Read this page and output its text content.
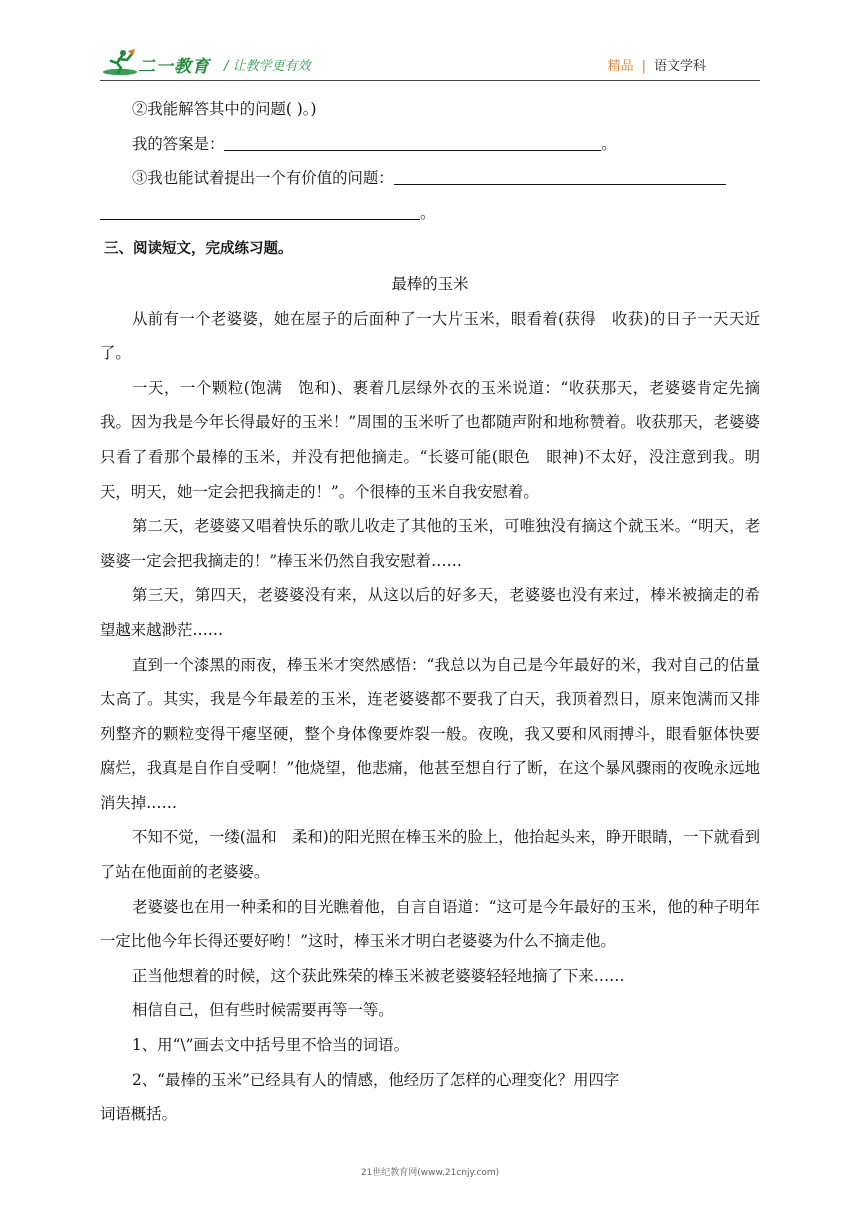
二一教育 / 让教学更有效	精品 | 语文学科
②我能解答其中的问题( )。)
我的答案是：	。
③我也能试着提出一个有价值的问题：
。
三、阅读短文，完成练习题。
最棒的玉米

从前有一个老婆婆，她在屋子的后面种了一大片玉米，眼看着(获得　收获)的日子一天天近了。

一天，一个颗粒(饱满　饱和)、裹着几层绿外衣的玉米说道：“收获那天，老婆婆肯定先摘我。因为我是今年长得最好的玉米！”周围的玉米听了也都随声附和地称赞着。收获那天，老婆婆只看了看那个最棒的玉米，并没有把他摘走。“长婆可能(眼色　眼神)不太好，没注意到我。明天，明天，她一定会把我摘走的！”。个很棒的玉米自我安慰着。

第二天，老婆婆又唱着快乐的歌儿收走了其他的玉米，可唯独没有摘这个就玉米。“明天，老婆婆一定会把我摘走的！”棒玉米仍然自我安慰着……

第三天，第四天，老婆婆没有来，从这以后的好多天，老婆婆也没有来过，棒米被摘走的希望越来越渺茫……

直到一个漆黑的雨夜，棒玉米才突然感悟：“我总以为自己是今年最好的米，我对自己的估量太高了。其实，我是今年最差的玉米，连老婆婆都不要我了白天，我顶着烈日，原来饱满而又排列整齐的颗粒变得干瘪坚硬，整个身体像要炸裂一般。夜晚，我又要和风雨搏斗，眼看躯体快要腐烂，我真是自作自受啊！”他烧望，他悲痛，他甚至想自行了断，在这个暴风骤雨的夜晚永远地消失掉……

不知不觉，一缕(温和　柔和)的阳光照在棒玉米的脸上，他抬起头来，睁开眼睛，一下就看到了站在他面前的老婆婆。

老婆婆也在用一种柔和的目光瞧着他，自言自语道：“这可是今年最好的玉米，他的种子明年一定比他今年长得还要好哟！”这时，棒玉米才明白老婆婆为什么不摘走他。

正当他想着的时候，这个获此殊荣的棒玉米被老婆婆轻轻地摘了下来……

相信自己，但有些时候需要再等一等。

1、用“\”画去文中括号里不恰当的词语。
2、“最棒的玉米”已经具有人的情感，他经历了怎样的心理变化？用四字
词语概括。
21世纪教育网(www.21cnjy.com)
